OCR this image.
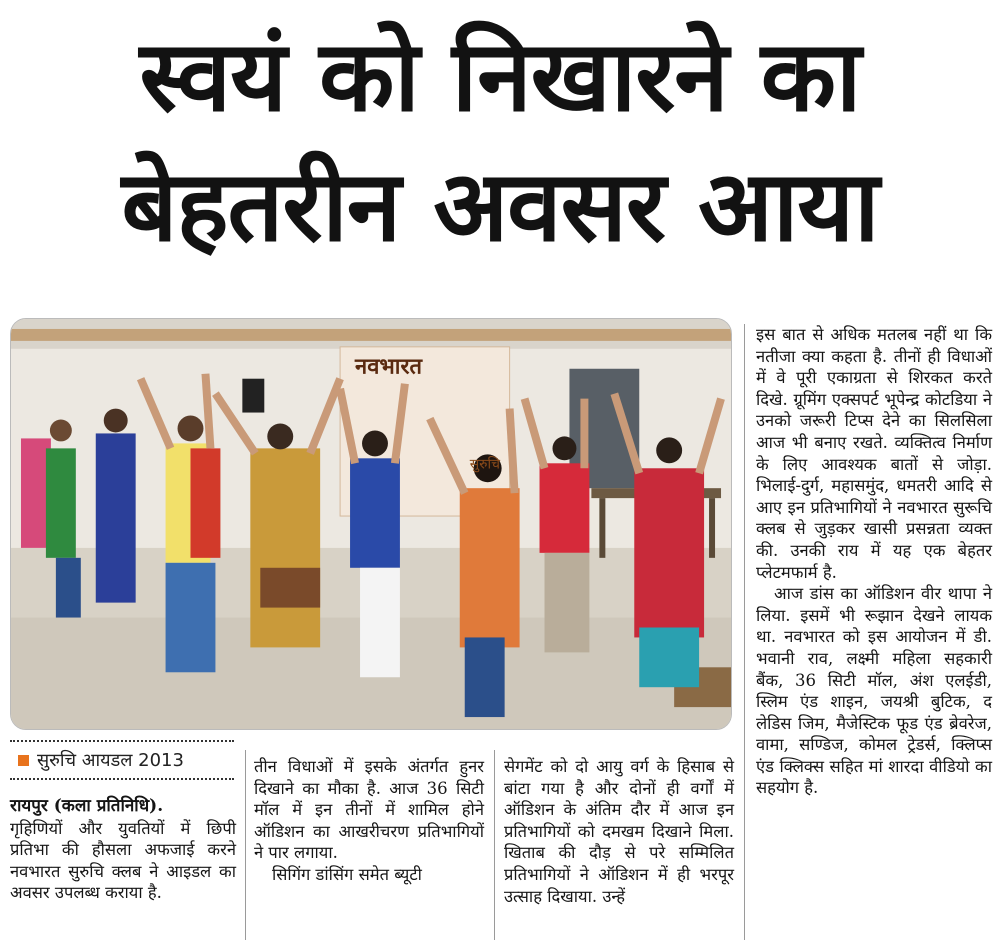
स्वयं को निखारने का
बेहतरीन अवसर आया
नवभारत
सुरुचि

इस बात से अधिक मतलब नहीं था कि नतीजा क्या कहता है. तीनों ही विधाओं में वे पूरी एकाग्रता से शिरकत करते दिखे. ग्रूमिंग एक्सपर्ट भूपेन्द्र कोटडिया ने उनको जरूरी टिप्स देने का सिलसिला आज भी बनाए रखते. व्यक्तित्व निर्माण के लिए आवश्यक बातों से जोड़ा. भिलाई-दुर्ग, महासमुंद, धमतरी आदि से आए इन प्रतिभागियों ने नवभारत सुरूचि क्लब से जुड़कर खासी प्रसन्नता व्यक्त की. उनकी राय में यह एक बेहतर प्लेटमफार्म है.

आज डांस का ऑडिशन वीर थापा ने लिया. इसमें भी रूझान देखने लायक था. नवभारत को इस आयोजन में डी. भवानी राव, लक्ष्मी महिला सहकारी बैंक, 36 सिटी मॉल, अंश एलईडी, स्लिम एंड शाइन, जयश्री बुटिक, द लेडिस जिम, मैजेस्टिक फूड एंड ब्रेवरेज, वामा, सण्डिज, कोमल ट्रेडर्स, क्लिप्स एंड क्लिक्स सहित मां शारदा वीडियो का सहयोग है.

सुरुचि आयडल 2013

रायपुर (कला प्रतिनिधि).

गृहिणियों और युवतियों में छिपी प्रतिभा की हौसला अफजाई करने नवभारत सुरुचि क्लब ने आइडल का अवसर उपलब्ध कराया है.

तीन विधाओं में इसके अंतर्गत हुनर दिखाने का मौका है. आज 36 सिटी मॉल में इन तीनों में शामिल होने ऑडिशन का आखरीचरण प्रतिभागियों ने पार लगाया.

सिगिंग डांसिंग समेत ब्यूटी

सेगमेंट को दो आयु वर्ग के हिसाब से बांटा गया है और दोनों ही वर्गों में ऑडिशन के अंतिम दौर में आज इन प्रतिभागियों को दमखम दिखाने मिला. खिताब की दौड़ से परे सम्मिलित प्रतिभागियों ने ऑडिशन में ही भरपूर उत्साह दिखाया. उन्हें
